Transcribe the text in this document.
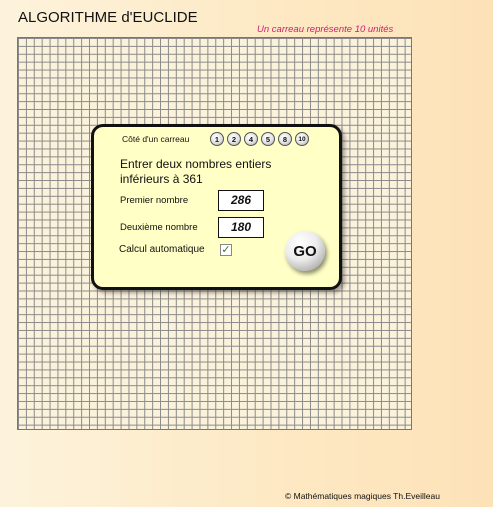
ALGORITHME d'EUCLIDE
Un carreau représente 10 unités
Côté d'un carreau	1	2	4	5	8	10
Entrer deux nombres entiers inférieurs à 361
Premier nombre	286
Deuxième nombre	180
Calcul automatique ✓	GO
© Mathématiques magiques Th.Eveilleau
